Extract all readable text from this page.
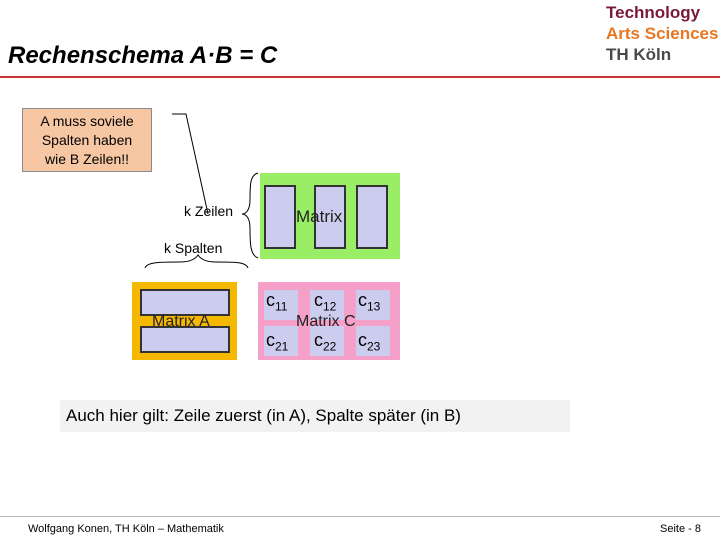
Rechenschema A·B = C
Technology
Arts Sciences
TH Köln
A muss soviele
Spalten haben
wie B Zeilen!!
k Zeilen
k Spalten
Matrix
Matrix A	Matrix C
$c_{11}$ $c_{12}$ $c_{13}$
$c_{21}$ $c_{22}$ $c_{23}$
Auch hier gilt: Zeile zuerst (in A), Spalte später (in B)
Wolfgang Konen, TH Köln – Mathematik	Seite - 8
